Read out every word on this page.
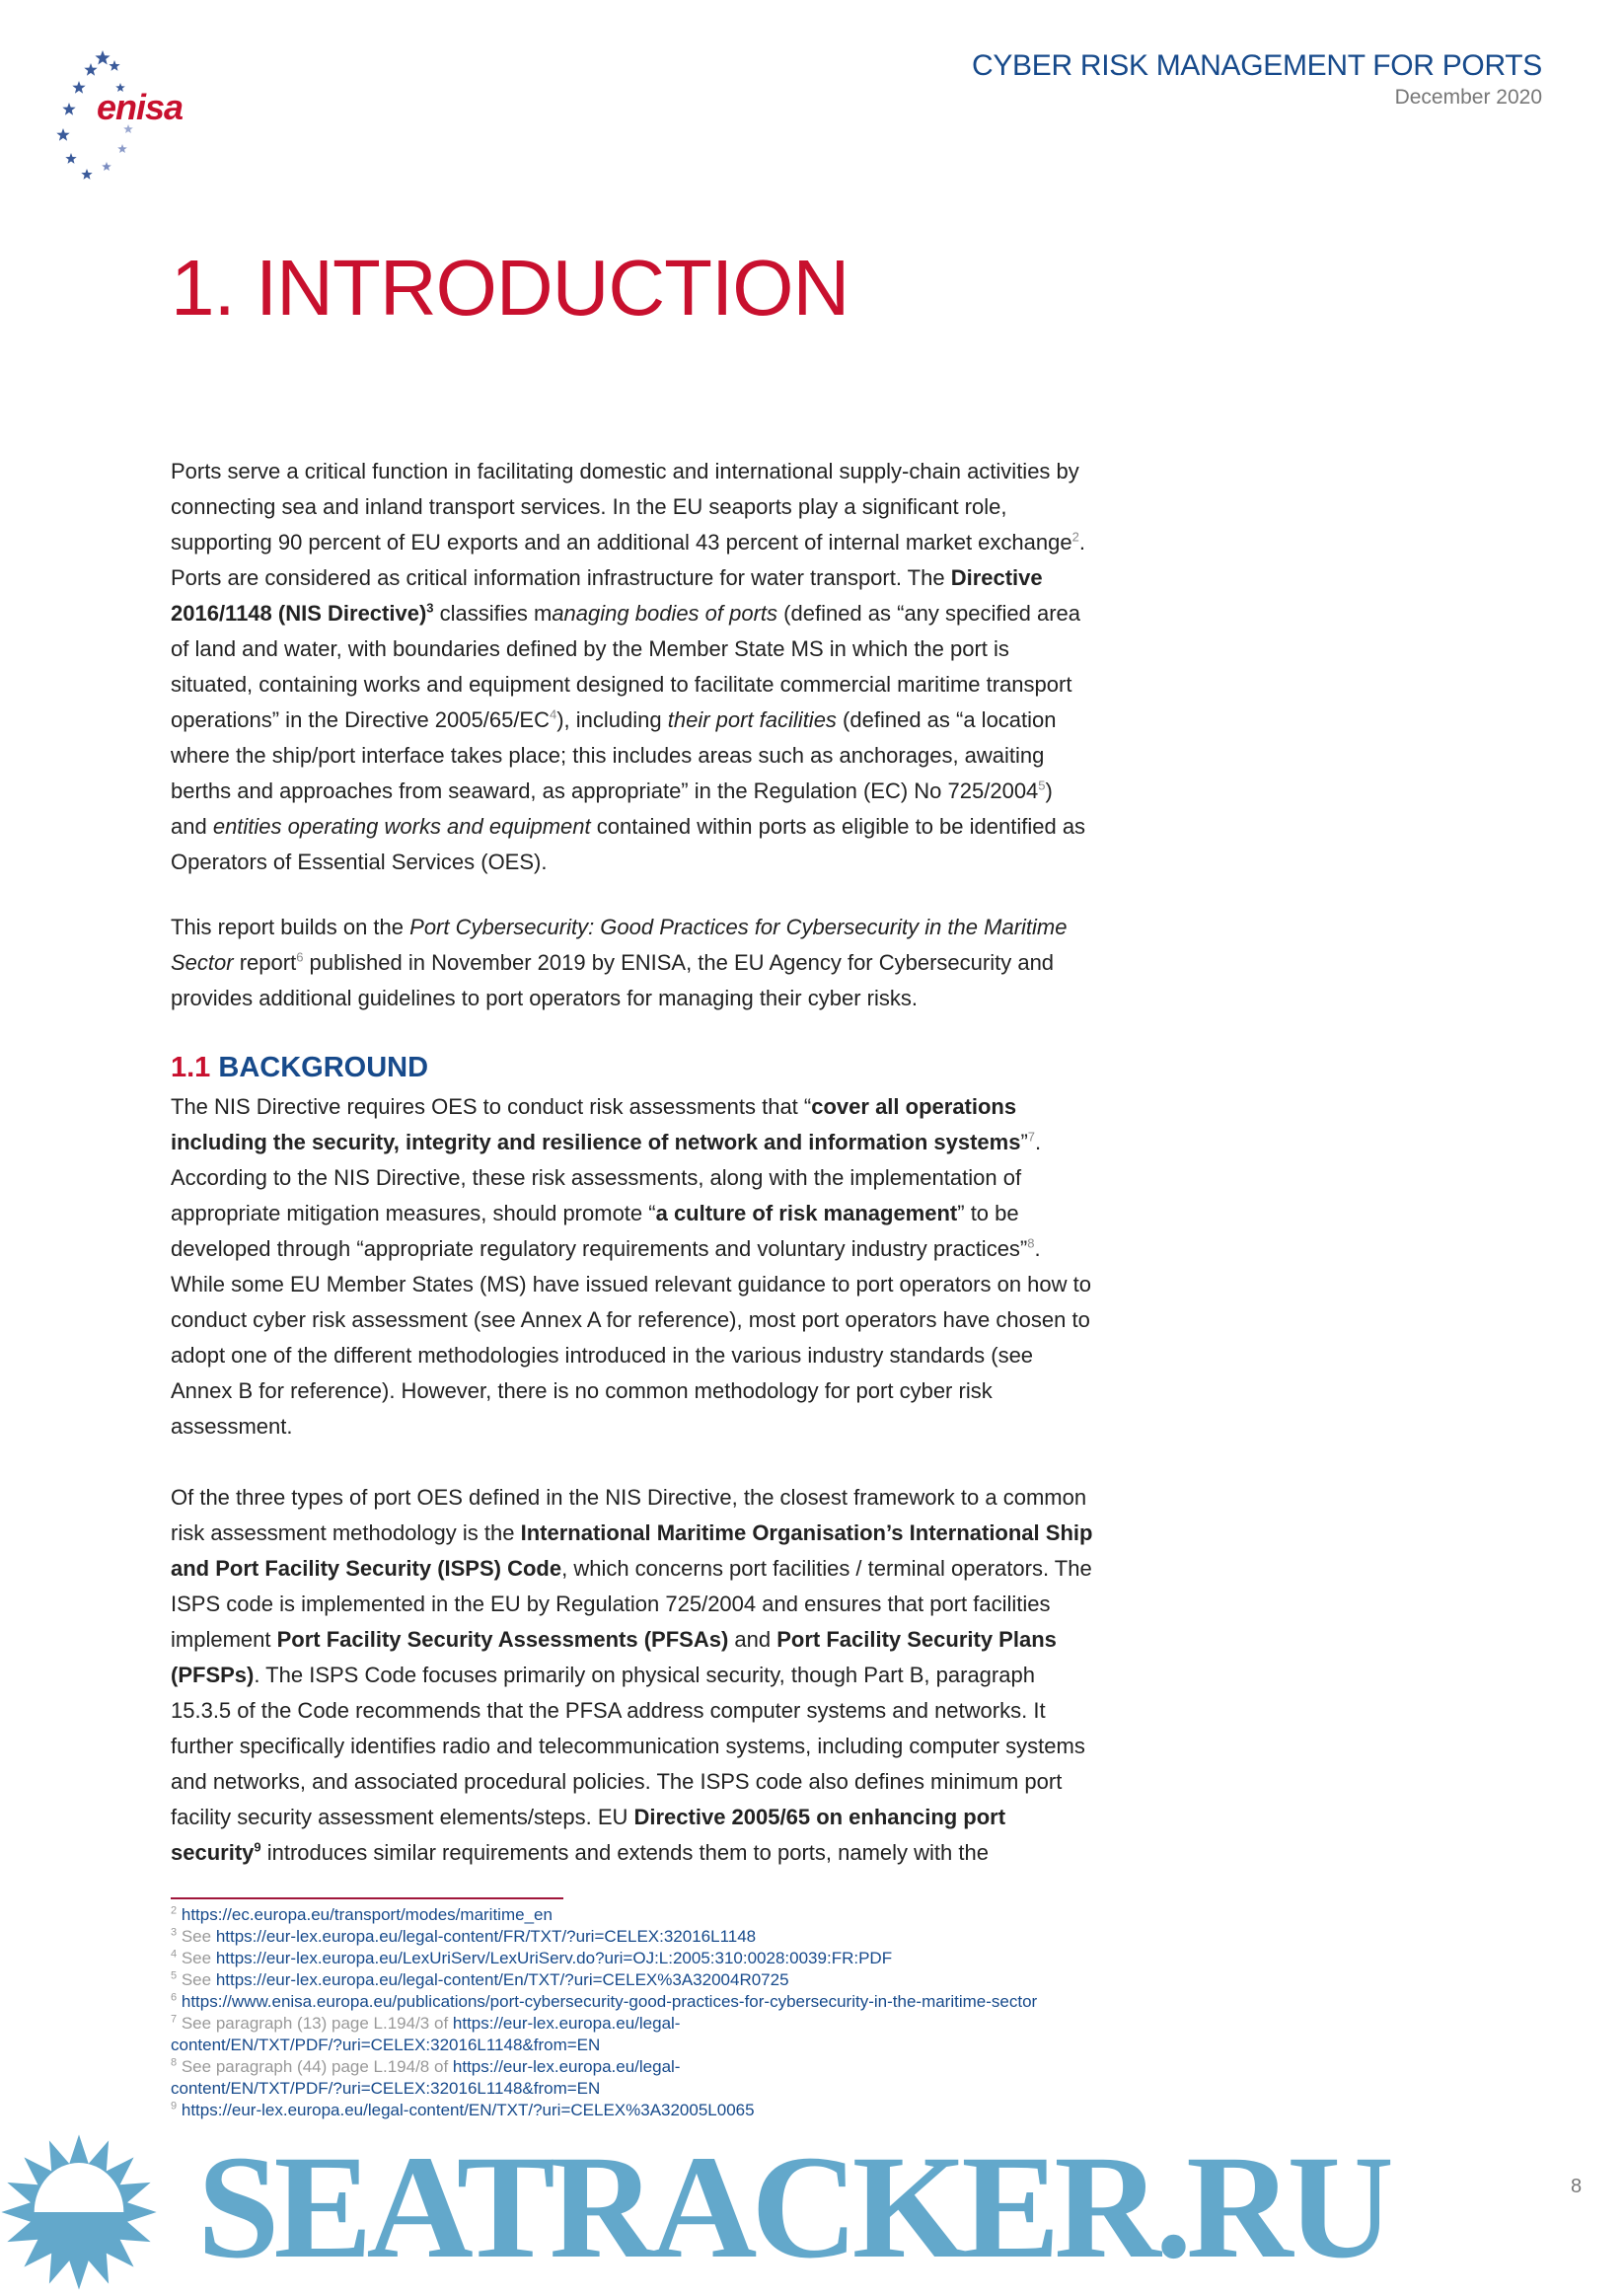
enisa
CYBER RISK MANAGEMENT FOR PORTS
December 2020
1. INTRODUCTION
Ports serve a critical function in facilitating domestic and international supply-chain activities by
connecting sea and inland transport services. In the EU seaports play a significant role,
supporting 90 percent of EU exports and an additional 43 percent of internal market exchange$^2$.
Ports are considered as critical information infrastructure for water transport. The Directive
2016/1148 (NIS Directive)$^3$ classifies managing bodies of ports (defined as “any specified area
of land and water, with boundaries defined by the Member State MS in which the port is
situated, containing works and equipment designed to facilitate commercial maritime transport
operations” in the Directive $2005/65/EC^4$), including their port facilities (defined as “a location
where the ship/port interface takes place; this includes areas such as anchorages, awaiting
berths and approaches from seaward, as appropriate” in the Regulation (EC) No 725/2004$^5$)
and entities operating works and equipment contained within ports as eligible to be identified as
Operators of Essential Services (OES).
This report builds on the Port Cybersecurity: Good Practices for Cybersecurity in the Maritime
Sector report$^6$ published in November 2019 by ENISA, the EU Agency for Cybersecurity and
provides additional guidelines to port operators for managing their cyber risks.
1.1 BACKGROUND
The NIS Directive requires OES to conduct risk assessments that “cover all operations
including the security, integrity and resilience of network and information systems”$^7$.
According to the NIS Directive, these risk assessments, along with the implementation of
appropriate mitigation measures, should promote “a culture of risk management” to be
developed through “appropriate regulatory requirements and voluntary industry practices”$^8$.
While some EU Member States (MS) have issued relevant guidance to port operators on how to
conduct cyber risk assessment (see Annex A for reference), most port operators have chosen to
adopt one of the different methodologies introduced in the various industry standards (see
Annex B for reference). However, there is no common methodology for port cyber risk
assessment.
Of the three types of port OES defined in the NIS Directive, the closest framework to a common
risk assessment methodology is the International Maritime Organisation’s International Ship
and Port Facility Security (ISPS) Code, which concerns port facilities / terminal operators. The
ISPS code is implemented in the EU by Regulation 725/2004 and ensures that port facilities
implement Port Facility Security Assessments (PFSAs) and Port Facility Security Plans
(PFSPs). The ISPS Code focuses primarily on physical security, though Part B, paragraph
15.3.5 of the Code recommends that the PFSA address computer systems and networks. It
further specifically identifies radio and telecommunication systems, including computer systems
and networks, and associated procedural policies. The ISPS code also defines minimum port
facility security assessment elements/steps. EU Directive 2005/65 on enhancing port
security$^9$ introduces similar requirements and extends them to ports, namely with the
$^2$ https://ec.europa.eu/transport/modes/maritime_en
$^3$ See https://eur-lex.europa.eu/legal-content/FR/TXT/?uri=CELEX:32016L1148
$^4$ See https://eur-lex.europa.eu/LexUriServ/LexUriServ.do?uri=OJ:L:2005:310:0028:0039:FR:PDF
$^5$ See https://eur-lex.europa.eu/legal-content/En/TXT/?uri=CELEX%3A32004R0725
$^6$ https://www.enisa.europa.eu/publications/port-cybersecurity-good-practices-for-cybersecurity-in-the-maritime-sector
$^7$ See paragraph (13) page L.194/3 of https://eur-lex.europa.eu/legal-
content/EN/TXT/PDF/?uri=CELEX:32016L1148&from=EN
$^8$ See paragraph (44) page L.194/8 of https://eur-lex.europa.eu/legal-
content/EN/TXT/PDF/?uri=CELEX:32016L1148&from=EN
$^9$ https://eur-lex.europa.eu/legal-content/EN/TXT/?uri=CELEX%3A32005L0065
SEATRACKER.RU	8
